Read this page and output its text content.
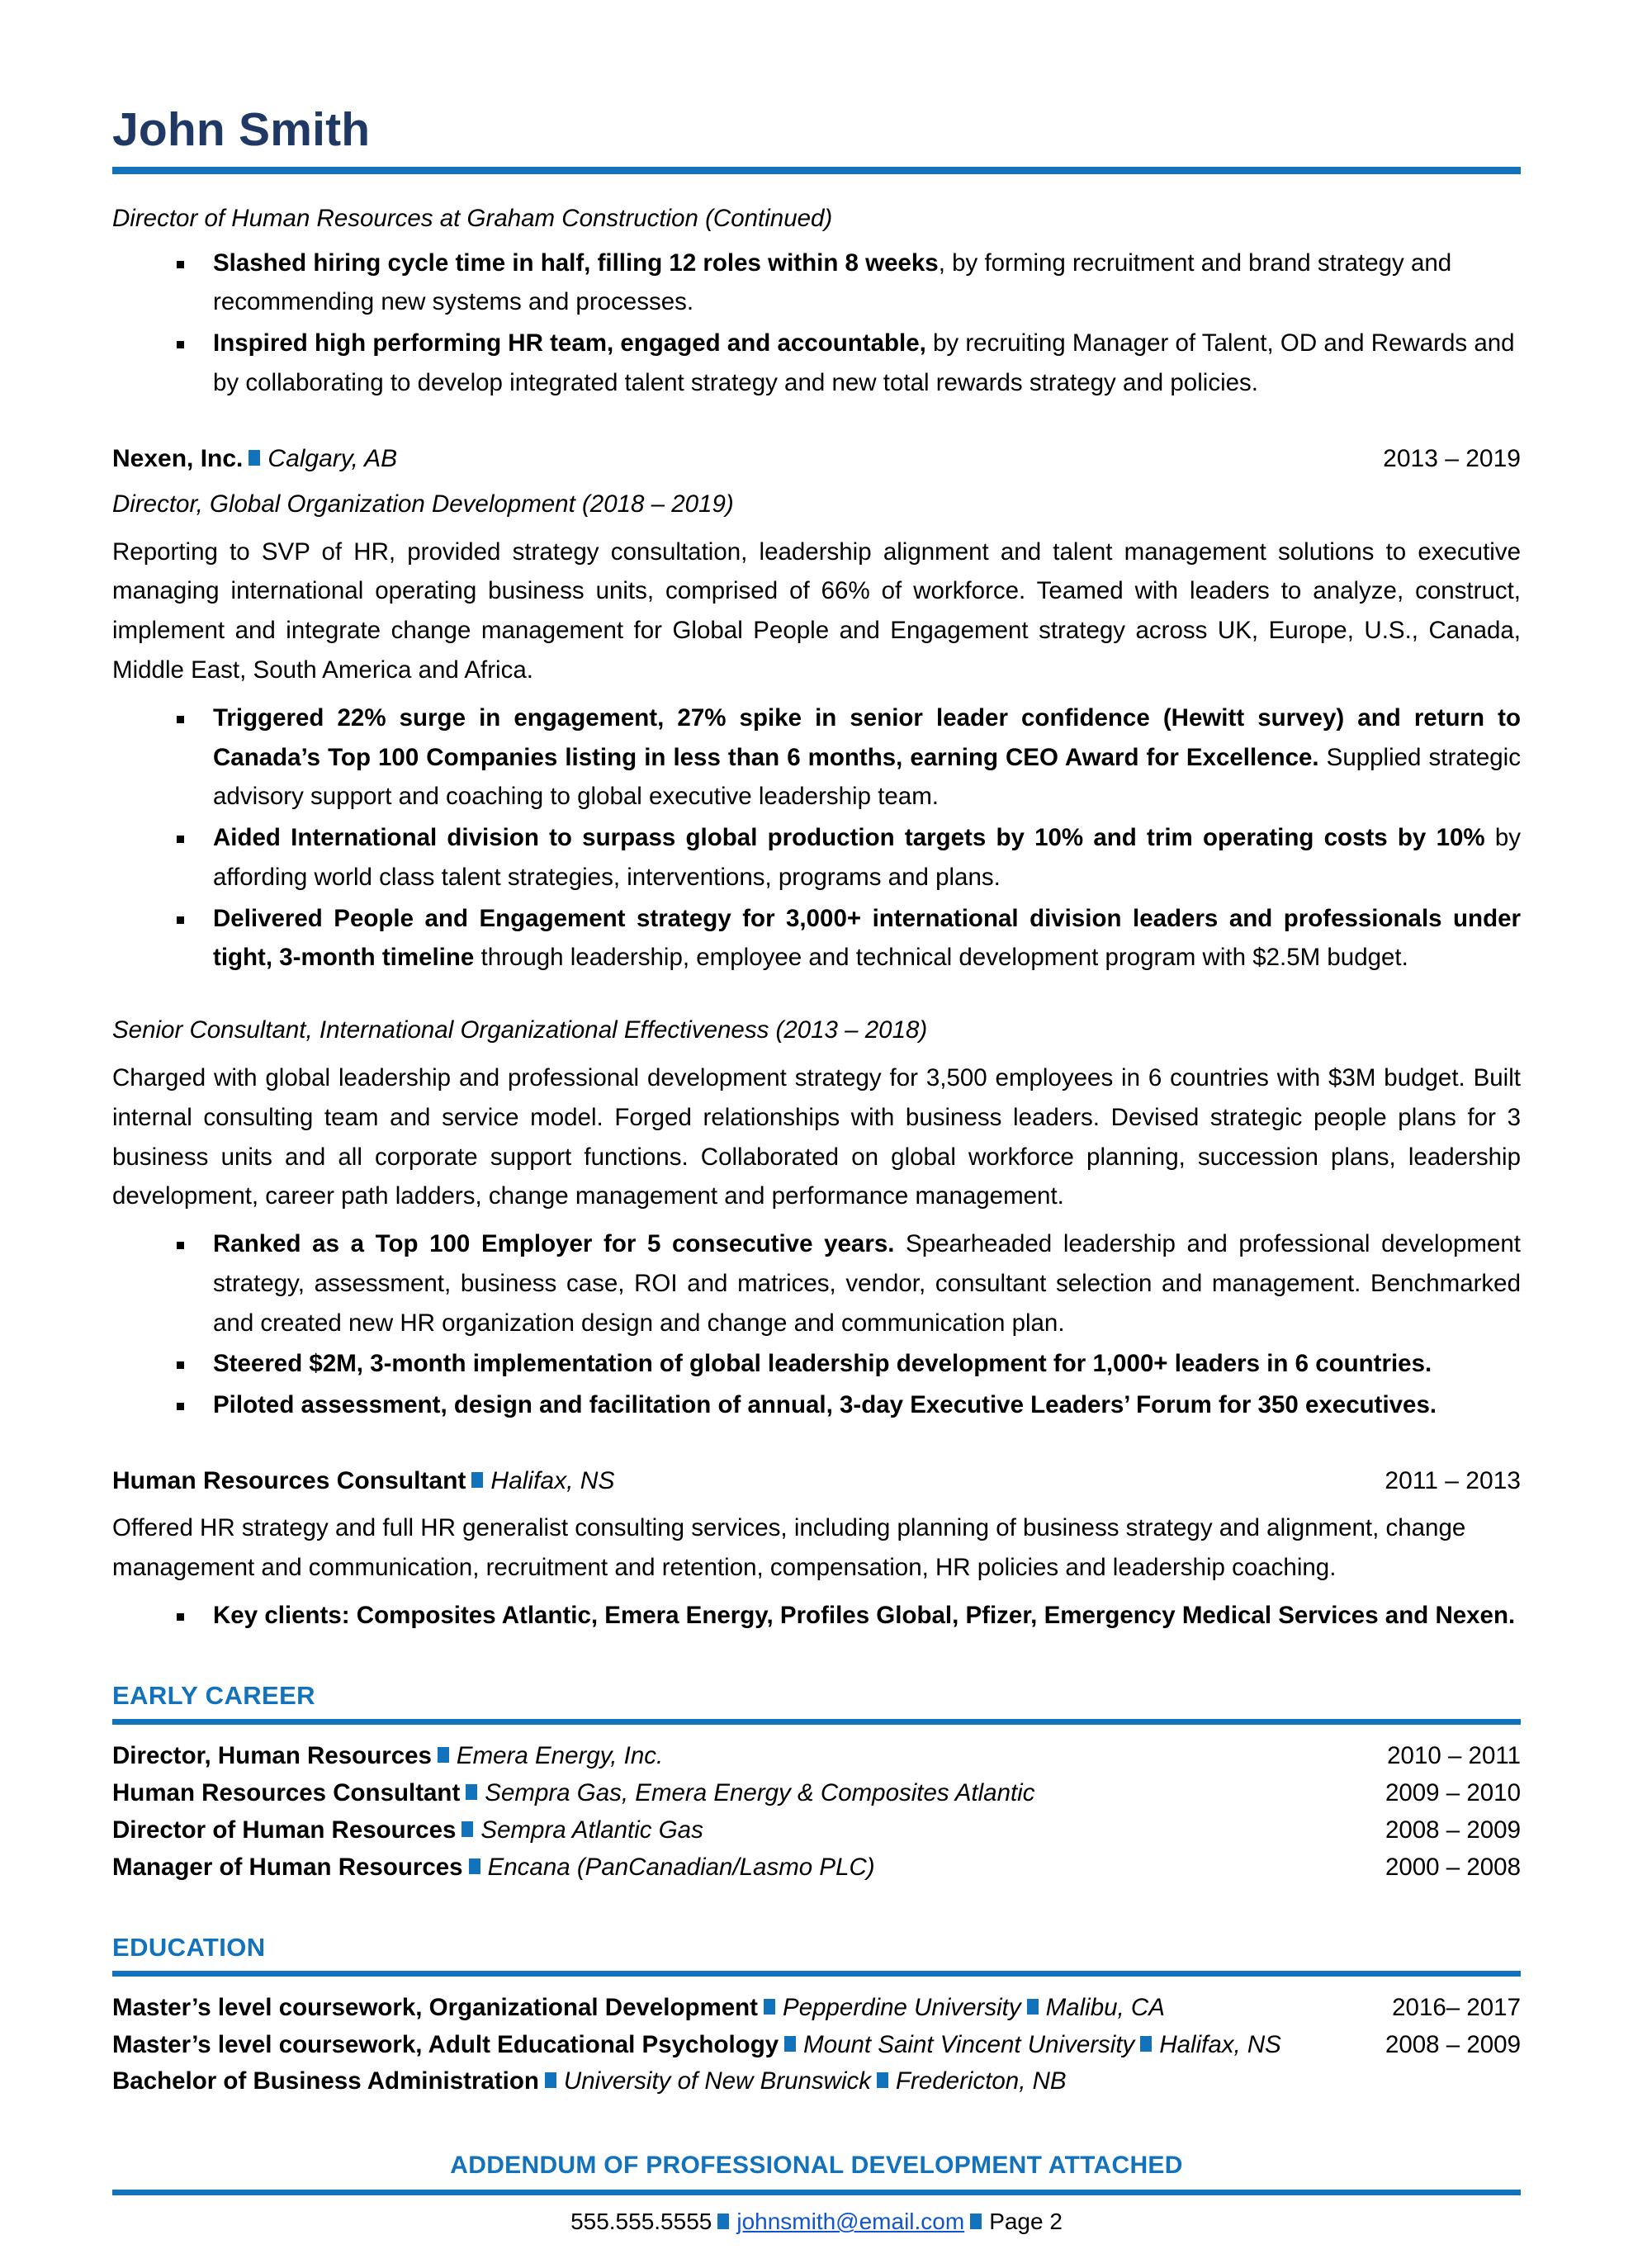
John Smith
Director of Human Resources at Graham Construction (Continued)
Slashed hiring cycle time in half, filling 12 roles within 8 weeks, by forming recruitment and brand strategy and recommending new systems and processes.
Inspired high performing HR team, engaged and accountable, by recruiting Manager of Talent, OD and Rewards and by collaborating to develop integrated talent strategy and new total rewards strategy and policies.
Nexen, Inc. Calgary, AB	2013 – 2019
Director, Global Organization Development (2018 – 2019)
Reporting to SVP of HR, provided strategy consultation, leadership alignment and talent management solutions to executive managing international operating business units, comprised of 66% of workforce. Teamed with leaders to analyze, construct, implement and integrate change management for Global People and Engagement strategy across UK, Europe, U.S., Canada, Middle East, South America and Africa.
Triggered 22% surge in engagement, 27% spike in senior leader confidence (Hewitt survey) and return to Canada’s Top 100 Companies listing in less than 6 months, earning CEO Award for Excellence. Supplied strategic advisory support and coaching to global executive leadership team.
Aided International division to surpass global production targets by 10% and trim operating costs by 10% by affording world class talent strategies, interventions, programs and plans.
Delivered People and Engagement strategy for 3,000+ international division leaders and professionals under tight, 3-month timeline through leadership, employee and technical development program with $2.5M budget.
Senior Consultant, International Organizational Effectiveness (2013 – 2018)
Charged with global leadership and professional development strategy for 3,500 employees in 6 countries with $3M budget. Built internal consulting team and service model. Forged relationships with business leaders. Devised strategic people plans for 3 business units and all corporate support functions. Collaborated on global workforce planning, succession plans, leadership development, career path ladders, change management and performance management.
Ranked as a Top 100 Employer for 5 consecutive years. Spearheaded leadership and professional development strategy, assessment, business case, ROI and matrices, vendor, consultant selection and management. Benchmarked and created new HR organization design and change and communication plan.
Steered $2M, 3-month implementation of global leadership development for 1,000+ leaders in 6 countries.
Piloted assessment, design and facilitation of annual, 3-day Executive Leaders’ Forum for 350 executives.
Human Resources Consultant Halifax, NS	2011 – 2013
Offered HR strategy and full HR generalist consulting services, including planning of business strategy and alignment, change management and communication, recruitment and retention, compensation, HR policies and leadership coaching.
Key clients: Composites Atlantic, Emera Energy, Profiles Global, Pfizer, Emergency Medical Services and Nexen.
EARLY CAREER
Director, Human Resources Emera Energy, Inc.	2010 – 2011
Human Resources Consultant Sempra Gas, Emera Energy & Composites Atlantic	2009 – 2010
Director of Human Resources Sempra Atlantic Gas	2008 – 2009
Manager of Human Resources Encana (PanCanadian/Lasmo PLC)	2000 – 2008
EDUCATION
Master’s level coursework, Organizational Development Pepperdine University Malibu, CA	2016– 2017
Master’s level coursework, Adult Educational Psychology Mount Saint Vincent University Halifax, NS	2008 – 2009
Bachelor of Business Administration University of New Brunswick Fredericton, NB
ADDENDUM OF PROFESSIONAL DEVELOPMENT ATTACHED
555.555.5555 johnsmith@email.com Page 2
